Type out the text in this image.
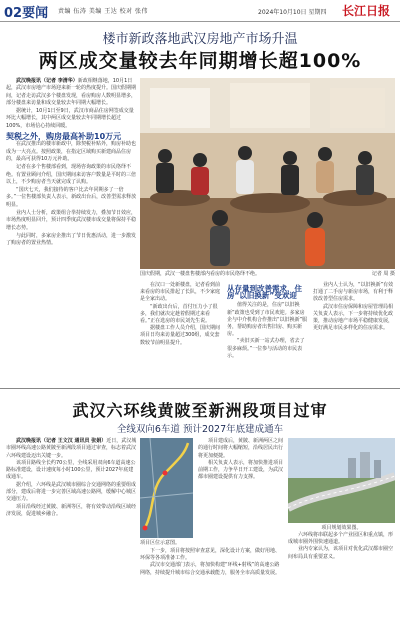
02要闻 责编 伍涛 美编 王达 校对 张伟	2024年10月10日 星期四 长江日报
楼市新政落地武汉房地产市场升温
两区成交量较去年同期增长超100%

武汉晚报讯（记者 李清华）新政相继落地，10月1日起，武汉市房地产市场迎来新一轮的热度提升。国庆假期期间，记者走访武汉多个楼盘发现，看房购房人数明显增多，部分楼盘来访量和成交量较去年同期大幅增长。

据统计，10月1日至9日，武汉市商品住房网签成交量环比大幅增长，其中两区成交量较去年同期增长超过100%，市场信心持续回暖。

契税之外，购房最高补助10万元

在武汉推出的楼市新政中，除契税补贴外，购房补助也成为一大亮点。按照政策，在指定区域购买新建商品住房的，最高可获得10万元补助。

记者在多个售楼部看到，现场咨询政策的市民络绎不绝。有置业顾问介绍，国庆期间来访客户数量是平时的三倍以上，不少购房者当天就完成了认购。

“国庆七天，我们接待的客户比去年同期多了一倍多。”一位售楼部负责人表示，新政出台后，改善型需求释放明显。

业内人士分析，政策组合拳持续发力，叠加节日效应，市场热度明显回升，预计四季度武汉楼市成交量将保持平稳增长态势。

与此同时，多家房企推出了节日优惠活动，进一步激发了购房者的置业热情。

国庆假期，武汉一楼盘售楼部内看房的市民络绎不绝。	记者 周 摄

在汉口一处新楼盘，记者看到前来看房的市民排起了长队，不少家庭是全家出动。

“新政出台后，首付压力小了很多，我们就决定趁着假期过来看看。”正在选房的市民刘先生说。

据楼盘工作人员介绍，国庆期间项目日均来访量超过300组，成交套数较节前明显提升。

从存量到改善需求，住房“以旧换新”受欢迎

值得关注的是，住房“以旧换新”政策也受到了市民欢迎。多家房企与中介机构合作推出“以旧换新”服务，帮助购房者出售旧房、购买新房。

“卖旧买新一站式办理，省去了很多麻烦。”一位参与活动的市民表示。

业内人士认为，“以旧换新”有效打通了二手房与新房市场，有利于释放改善型住房需求。

武汉市住房保障和房屋管理局相关负责人表示，下一步将持续优化政策，推动房地产市场平稳健康发展，更好满足市民多样化的住房需求。

武汉六环线黄陂至新洲段项目过审
全线双向6车道 预计2027年底建成通车

武汉晚报讯（记者 王文汉 通讯员 张娟）近日，武汉城市圈环线高速公路黄陂至新洲段项目通过审查，标志着武汉六环线建设迈出关键一步。

该项目路线全长约70公里，全线采用双向6车道高速公路标准建设，设计速度每小时100公里，预计2027年底建成通车。

据介绍，六环线是武汉城市圈综合交通网络的重要组成部分，建成后将进一步完善区域高速公路网，缓解中心城区交通压力。

项目沿线经过黄陂、新洲等区，将有效带动沿线区域经济发展，促进城乡融合。

项目区位示意图。

项目建成后，黄陂、新洲两区之间的通行时间将大幅缩短，沿线居民出行将更加便捷。

相关负责人表示，将加快推进项目前期工作，力争早日开工建设，为武汉都市圈建设提供有力支撑。

项目规划效果图。

六环线将串联起多个产业园区和重点镇，形成城市圈外围快速通道。

业内专家认为，该项目对优化武汉都市圈空间布局具有重要意义。

下一步，项目将按照审查意见，深化设计方案，做好用地、环保等各项准备工作。

武汉市交通部门表示，将加快构建“环线+射线”的高速公路网络，持续提升城市综合交通承载能力，服务全市高质量发展。
